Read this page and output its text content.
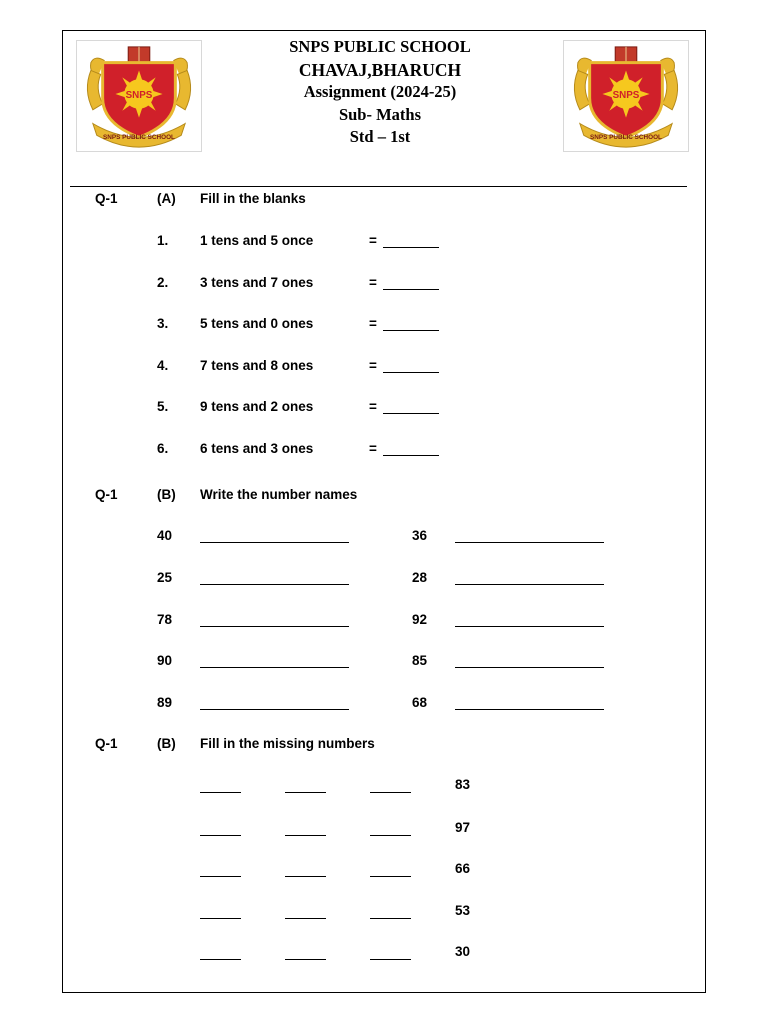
SNPS
SNPS PUBLIC SCHOOL
SNPS
SNPS PUBLIC SCHOOL
SNPS PUBLIC SCHOOL
CHAVAJ,BHARUCH
Assignment (2024-25)
Sub- Maths
Std – 1st
Q-1	(A) Fill in the blanks
1. 1 tens and 5 once	=
2. 3 tens and 7 ones	=
3. 5 tens and 0 ones	=
4. 7 tens and 8 ones	=
5. 9 tens and 2 ones	=
6. 6 tens and 3 ones	=
Q-1	(B) Write the number names
40	36
25	28
78	92
90	85
89	68
Q-1	(B) Fill in the missing numbers
83
97
66
53
30
